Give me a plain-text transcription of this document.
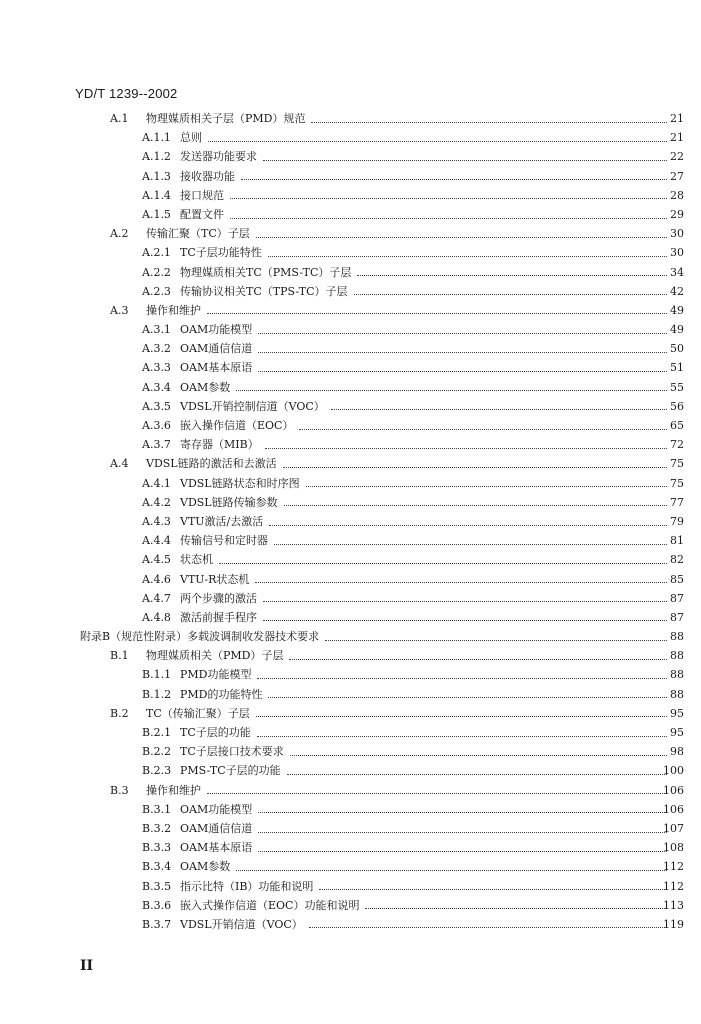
YD/T 1239--2002
A.1	物理媒质相关子层（PMD）规范	21
A.1.1 总则	21
A.1.2 发送器功能要求	22
A.1.3 接收器功能	27
A.1.4 接口规范	28
A.1.5 配置文件	29
A.2	传输汇聚（TC）子层	30
A.2.1 TC子层功能特性	30
A.2.2 物理媒质相关TC（PMS-TC）子层	34
A.2.3 传输协议相关TC（TPS-TC）子层	42
A.3	操作和维护	49
A.3.1 OAM功能模型	49
A.3.2 OAM通信信道	50
A.3.3 OAM基本原语	51
A.3.4 OAM参数	55
A.3.5 VDSL开销控制信道（VOC）	56
A.3.6 嵌入操作信道（EOC）	65
A.3.7 寄存器（MIB）	72
A.4	VDSL链路的激活和去激活	75
A.4.1 VDSL链路状态和时序图	75
A.4.2 VDSL链路传输参数	77
A.4.3 VTU激活/去激活	79
A.4.4 传输信号和定时器	81
A.4.5 状态机	82
A.4.6 VTU-R状态机	85
A.4.7 两个步骤的激活	87
A.4.8 激活前握手程序	87
附录B（规范性附录）多载波调制收发器技术要求	88
B.1	物理媒质相关（PMD）子层	88
B.1.1 PMD功能模型	88
B.1.2 PMD的功能特性	88
B.2	TC（传输汇聚）子层	95
B.2.1 TC子层的功能	95
B.2.2 TC子层接口技术要求	98
B.2.3 PMS-TC子层的功能	100
B.3	操作和维护	106
B.3.1 OAM功能模型	106
B.3.2 OAM通信信道	107
B.3.3 OAM基本原语	108
B.3.4 OAM参数	112
B.3.5 指示比特（IB）功能和说明	112
B.3.6 嵌入式操作信道（EOC）功能和说明	113
B.3.7 VDSL开销信道（VOC）	119
II
